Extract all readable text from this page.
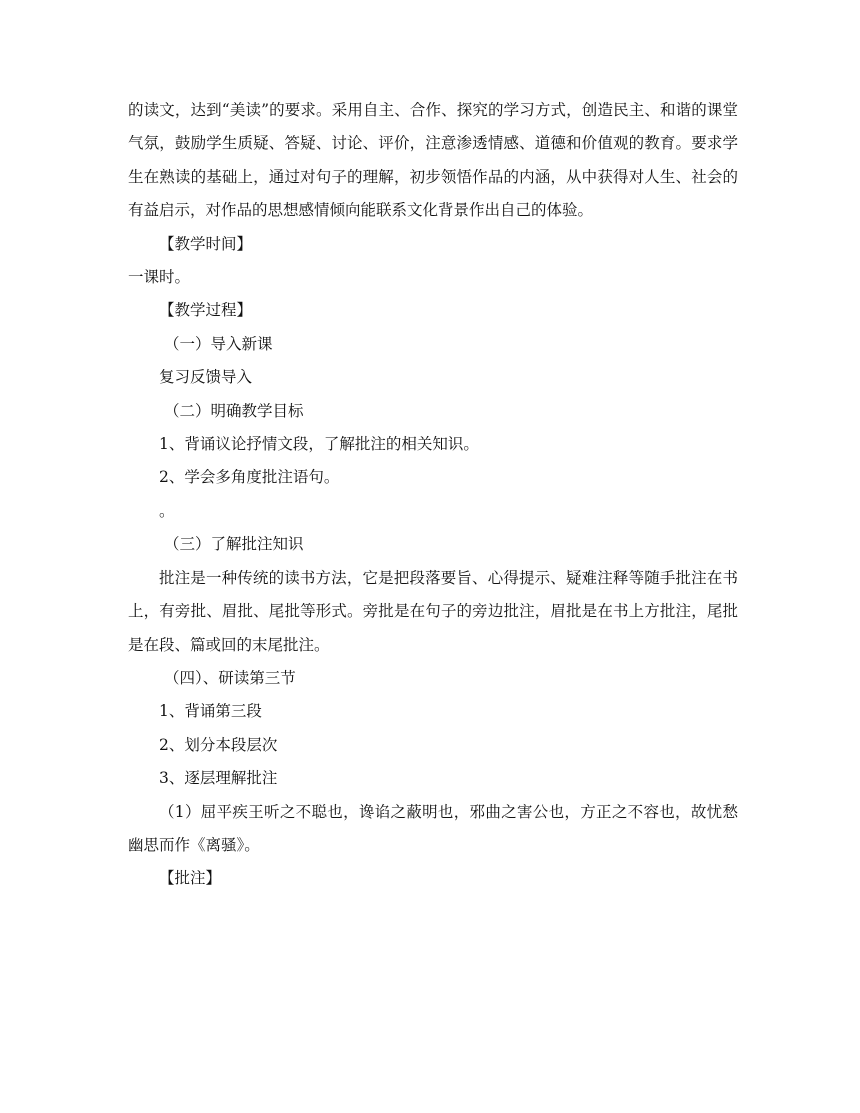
的读文，达到“美读”的要求。采用自主、合作、探究的学习方式，创造民主、和谐的课堂气氛，鼓励学生质疑、答疑、讨论、评价，注意渗透情感、道德和价值观的教育。要求学生在熟读的基础上，通过对句子的理解，初步领悟作品的内涵，从中获得对人生、社会的有益启示，对作品的思想感情倾向能联系文化背景作出自己的体验。

【教学时间】

一课时。

【教学过程】

（一）导入新课

复习反馈导入

（二）明确教学目标

1、背诵议论抒情文段，了解批注的相关知识。

2、学会多角度批注语句。

。

（三）了解批注知识

批注是一种传统的读书方法，它是把段落要旨、心得提示、疑难注释等随手批注在书上，有旁批、眉批、尾批等形式。旁批是在句子的旁边批注，眉批是在书上方批注，尾批是在段、篇或回的末尾批注。

（四）、研读第三节

1、背诵第三段

2、划分本段层次

3、逐层理解批注

（1）屈平疾王听之不聪也，谗谄之蔽明也，邪曲之害公也，方正之不容也，故忧愁幽思而作《离骚》。

【批注】
